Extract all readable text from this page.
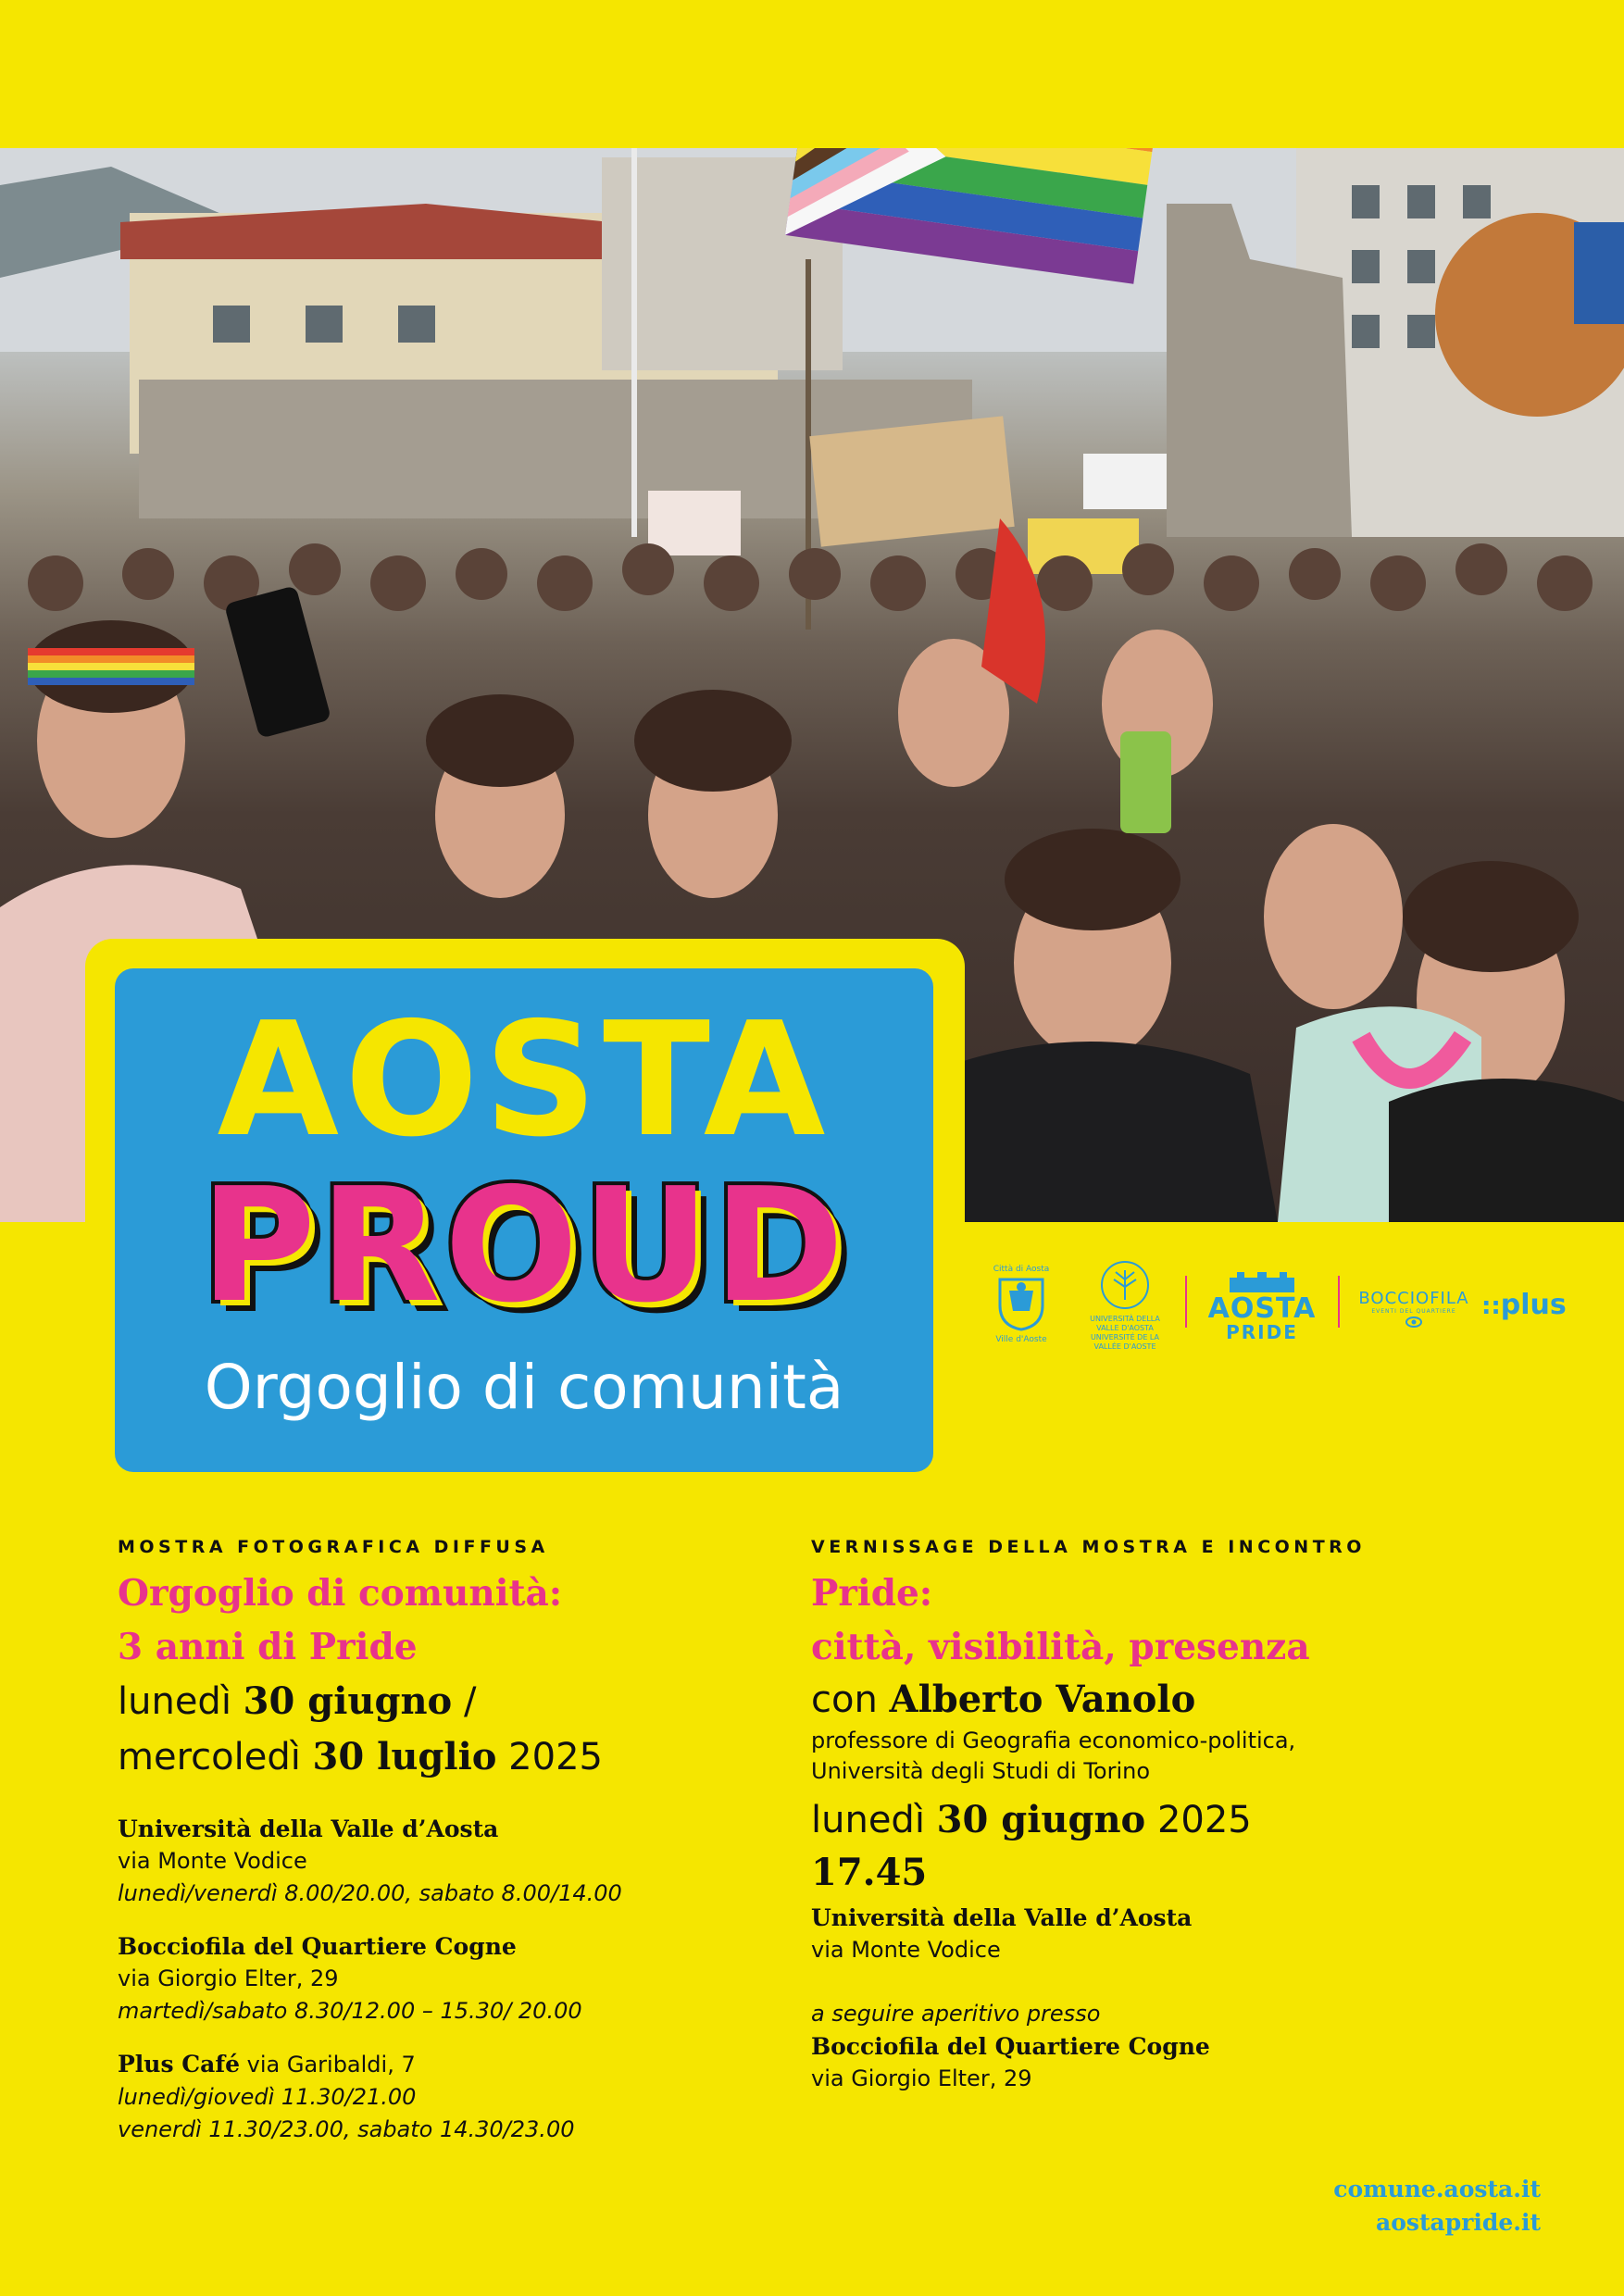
AOSTA
PROUD
Orgoglio di comunità
Città di Aosta
Ville d'Aoste
UNIVERSITÀ DELLA
VALLE D'AOSTA
UNIVERSITÉ DE LA
VALLÉE D'AOSTE
AOSTA
PRIDE
BOCCIOFILA
EVENTI DEL QUARTIERE	::plus
MOSTRA FOTOGRAFICA DIFFUSA
Orgoglio di comunità:
3 anni di Pride
lunedì 30 giugno /
mercoledì 30 luglio 2025
Università della Valle d’Aosta
via Monte Vodice
lunedì/venerdì 8.00/20.00, sabato 8.00/14.00
Bocciofila del Quartiere Cogne
via Giorgio Elter, 29
martedì/sabato 8.30/12.00 – 15.30/ 20.00
Plus Café via Garibaldi, 7
lunedì/giovedì 11.30/21.00
venerdì 11.30/23.00, sabato 14.30/23.00
VERNISSAGE DELLA MOSTRA E INCONTRO
Pride:
città, visibilità, presenza
con Alberto Vanolo
professore di Geografia economico-politica,
Università degli Studi di Torino
lunedì 30 giugno 2025
17.45
Università della Valle d’Aosta
via Monte Vodice
a seguire aperitivo presso
Bocciofila del Quartiere Cogne
via Giorgio Elter, 29
comune.aosta.it
aostapride.it
